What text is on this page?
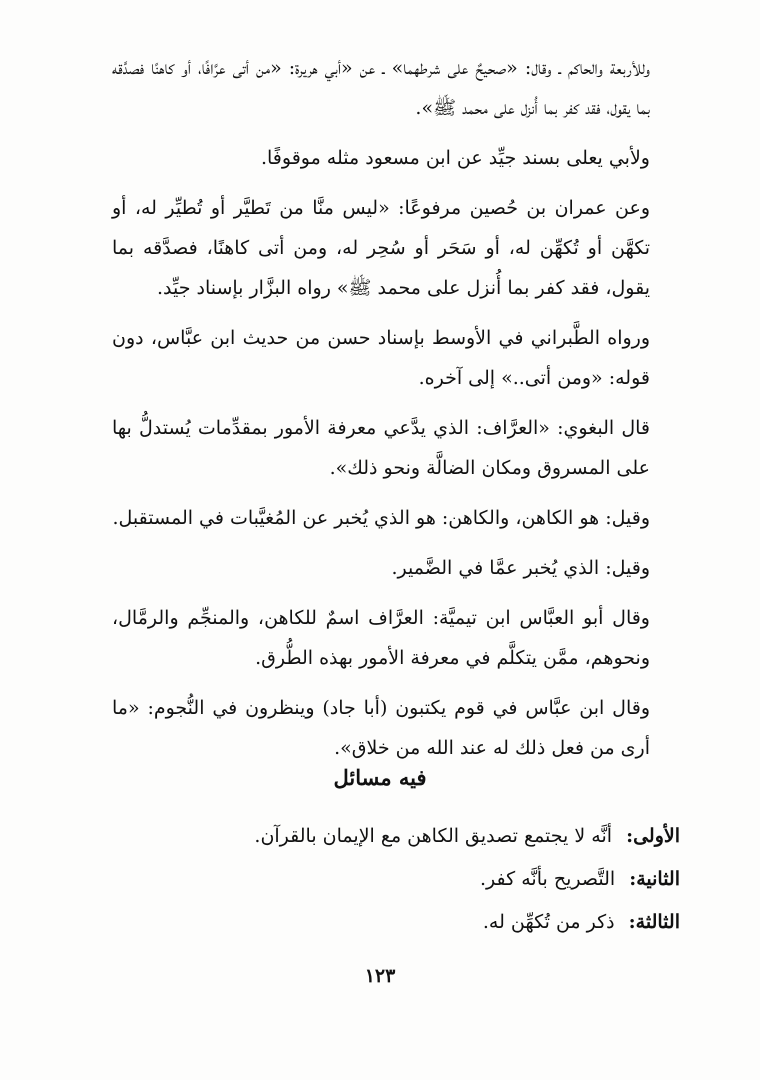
وللأربعة والحاكم ـ وقال: «صحيحٌ على شرطهما» ـ عن «أبي هريرة: «من أتى عرَّافًا، أو كاهنًا فصدَّقه بما يقول، فقد كفر بما أُنزل على محمد ﷺ».

ولأبي يعلى بسند جيِّد عن ابن مسعود مثله موقوفًا.

وعن عمران بن حُصين مرفوعًا: «ليس منَّا من تَطيَّر أو تُطيِّر له، أو تكهَّن أو تُكهِّن له، أو سَحَر أو سُحِر له، ومن أتى كاهنًا، فصدَّقه بما يقول، فقد كفر بما أُنزل على محمد ﷺ» رواه البزَّار بإسناد جيِّد.

ورواه الطَّبراني في الأوسط بإسناد حسن من حديث ابن عبَّاس، دون قوله: «ومن أتى..» إلى آخره.

قال البغوي: «العرَّاف: الذي يدَّعي معرفة الأمور بمقدِّمات يُستدلُّ بها على المسروق ومكان الضالَّة ونحو ذلك».

وقيل: هو الكاهن، والكاهن: هو الذي يُخبر عن المُغيَّبات في المستقبل.

وقيل: الذي يُخبر عمَّا في الضَّمير.

وقال أبو العبَّاس ابن تيميَّة: العرَّاف اسمٌ للكاهن، والمنجِّم والرمَّال، ونحوهم، ممَّن يتكلَّم في معرفة الأمور بهذه الطُّرق.

وقال ابن عبَّاس في قوم يكتبون (أبا جاد) وينظرون في النُّجوم: «ما أرى من فعل ذلك له عند الله من خلاق».

فيه مسائل
الأولى: أنَّه لا يجتمع تصديق الكاهن مع الإيمان بالقرآن.
الثانية: التَّصريح بأنَّه كفر.
الثالثة: ذكر من تُكهِّن له.
١٢٣
